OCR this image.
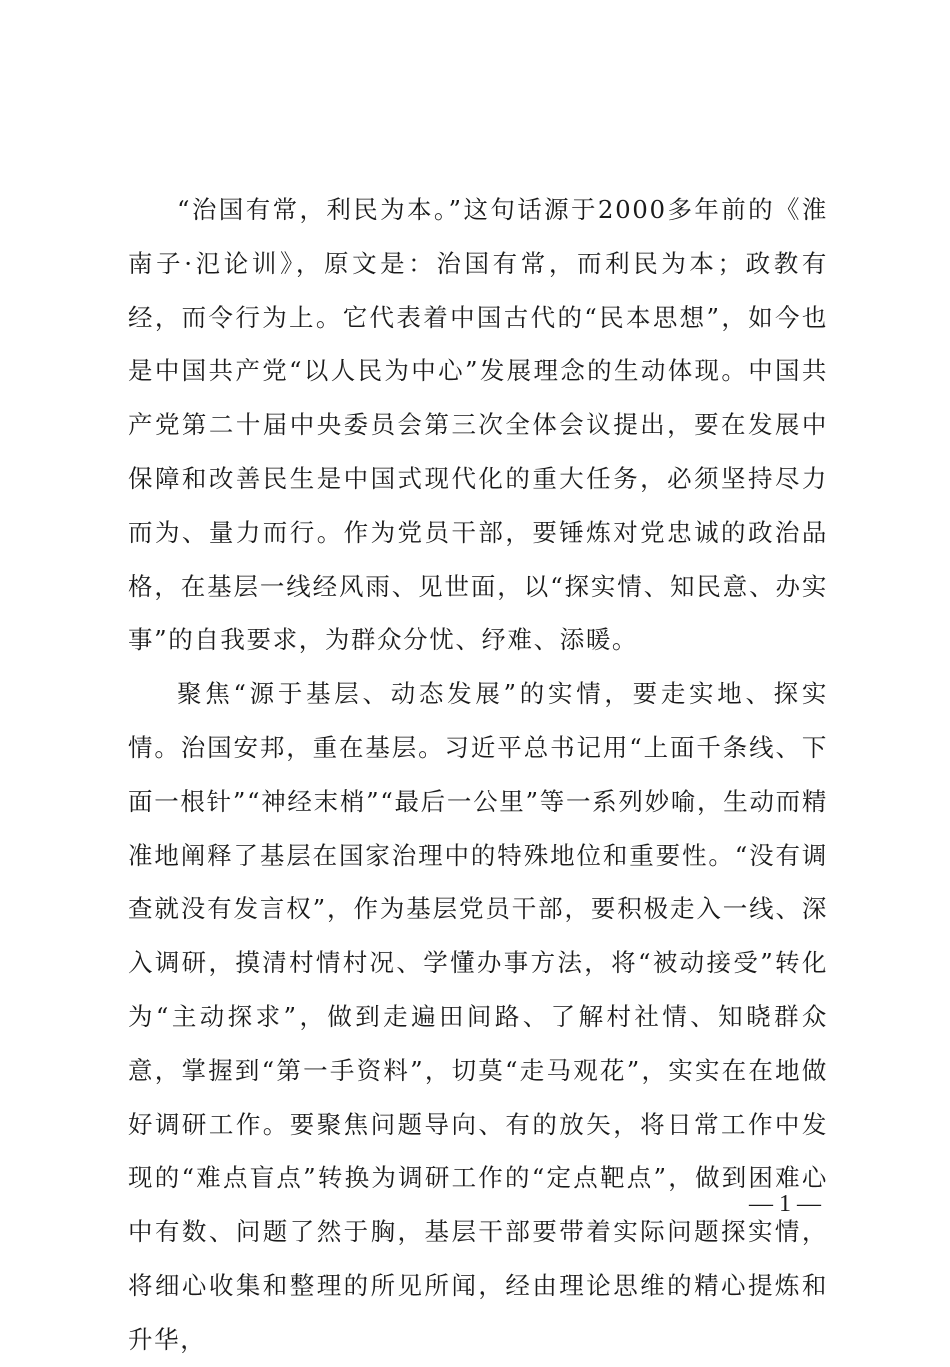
“治国有常，利民为本。”这句话源于2000多年前的《淮南子·氾论训》，原文是：治国有常，而利民为本；政教有经，而令行为上。它代表着中国古代的“民本思想”，如今也是中国共产党“以人民为中心”发展理念的生动体现。中国共产党第二十届中央委员会第三次全体会议提出，要在发展中保障和改善民生是中国式现代化的重大任务，必须坚持尽力而为、量力而行。作为党员干部，要锤炼对党忠诚的政治品格，在基层一线经风雨、见世面，以“探实情、知民意、办实事”的自我要求，为群众分忧、纾难、添暖。

聚焦“源于基层、动态发展”的实情，要走实地、探实情。治国安邦，重在基层。习近平总书记用“上面千条线、下面一根针”“神经末梢”“最后一公里”等一系列妙喻，生动而精准地阐释了基层在国家治理中的特殊地位和重要性。“没有调查就没有发言权”，作为基层党员干部，要积极走入一线、深入调研，摸清村情村况、学懂办事方法，将“被动接受”转化为“主动探求”，做到走遍田间路、了解村社情、知晓群众意，掌握到“第一手资料”，切莫“走马观花”，实实在在地做好调研工作。要聚焦问题导向、有的放矢，将日常工作中发现的“难点盲点”转换为调研工作的“定点靶点”，做到困难心中有数、问题了然于胸，基层干部要带着实际问题探实情，将细心收集和整理的所见所闻，经由理论思维的精心提炼和升华，

— 1 —
